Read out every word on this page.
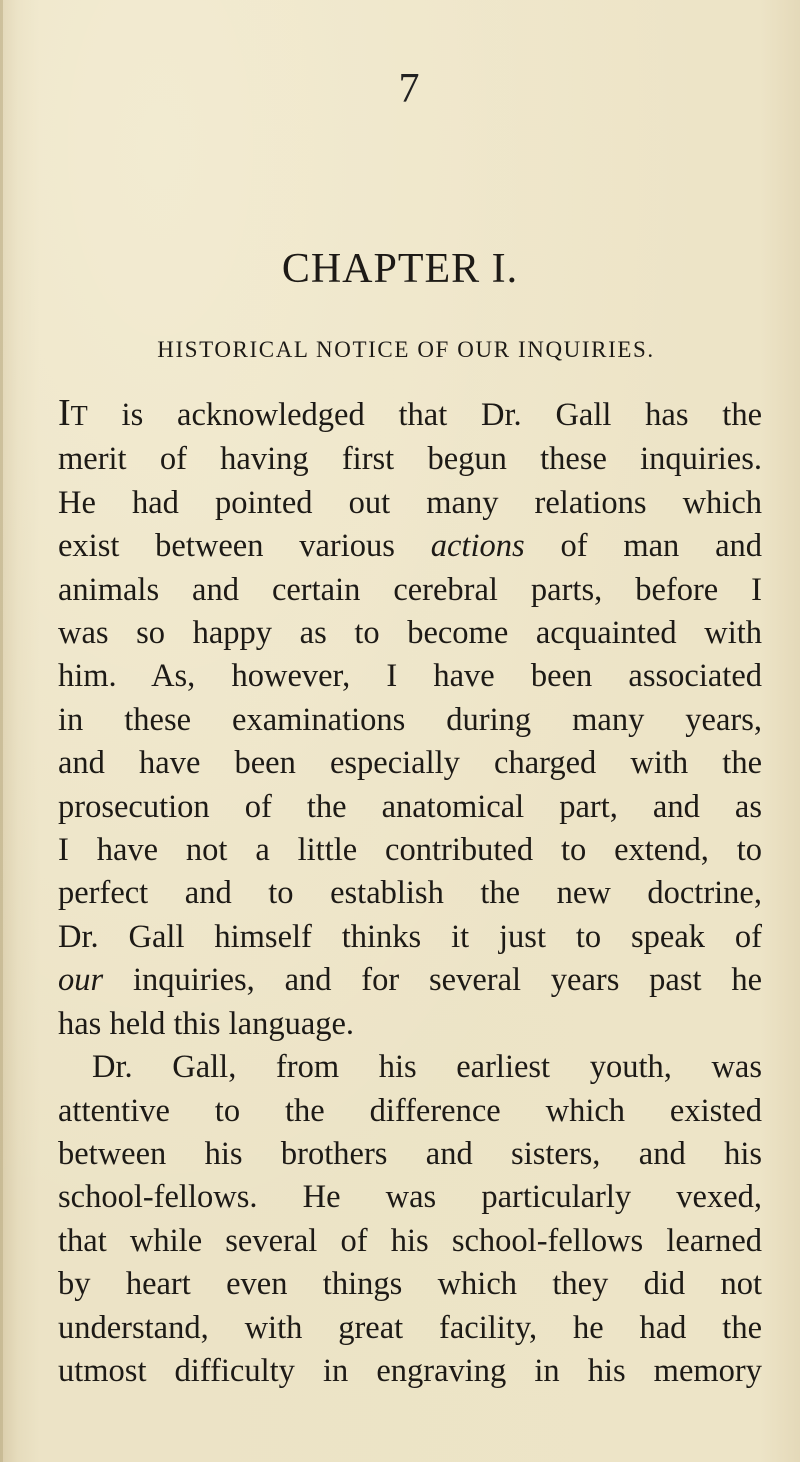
7
CHAPTER I.
HISTORICAL NOTICE OF OUR INQUIRIES.
IT is acknowledged that Dr. Gall has the
merit of having first begun these inquiries.
He had pointed out many relations which
exist between various actions of man and
animals and certain cerebral parts, before I
was so happy as to become acquainted with
him. As, however, I have been associated
in these examinations during many years,
and have been especially charged with the
prosecution of the anatomical part, and as
I have not a little contributed to extend, to
perfect and to establish the new doctrine,
Dr. Gall himself thinks it just to speak of
our inquiries, and for several years past he
has held this language.
Dr. Gall, from his earliest youth, was
attentive to the difference which existed
between his brothers and sisters, and his
school-fellows. He was particularly vexed,
that while several of his school-fellows learned
by heart even things which they did not
understand, with great facility, he had the
utmost difficulty in engraving in his memory
